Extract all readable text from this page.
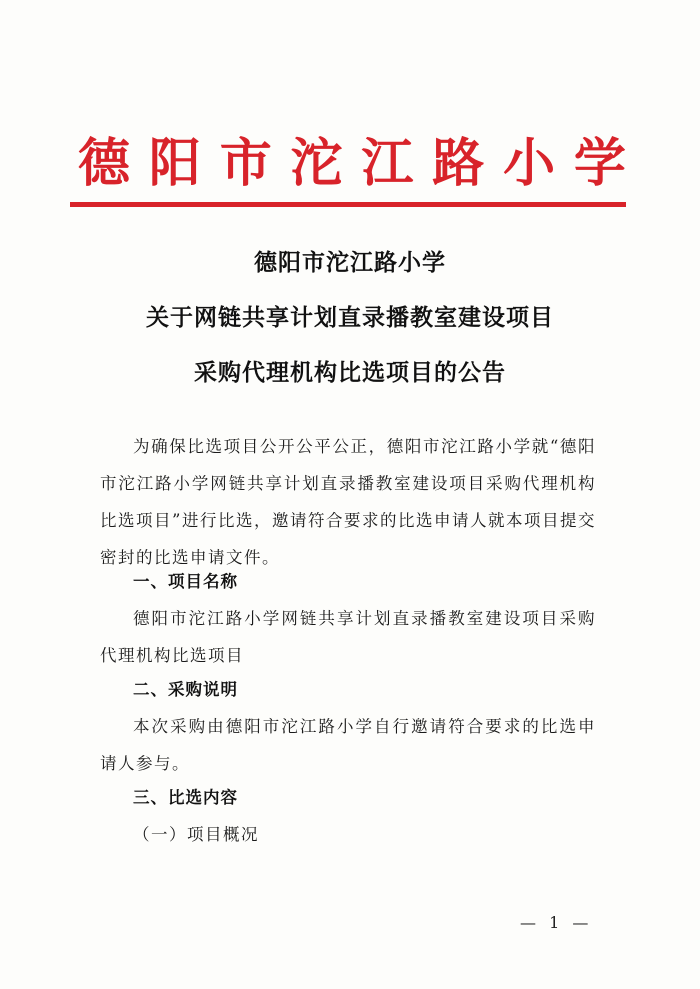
德 阳 市 沱 江 路 小 学
德阳市沱江路小学
关于网链共享计划直录播教室建设项目
采购代理机构比选项目的公告
为确保比选项目公开公平公正，德阳市沱江路小学就“德阳市沱江路小学网链共享计划直录播教室建设项目采购代理机构比选项目”进行比选，邀请符合要求的比选申请人就本项目提交密封的比选申请文件。
一、项目名称
德阳市沱江路小学网链共享计划直录播教室建设项目采购代理机构比选项目
二、采购说明
本次采购由德阳市沱江路小学自行邀请符合要求的比选申请人参与。
三、比选内容
（一）项目概况
— 1 —
